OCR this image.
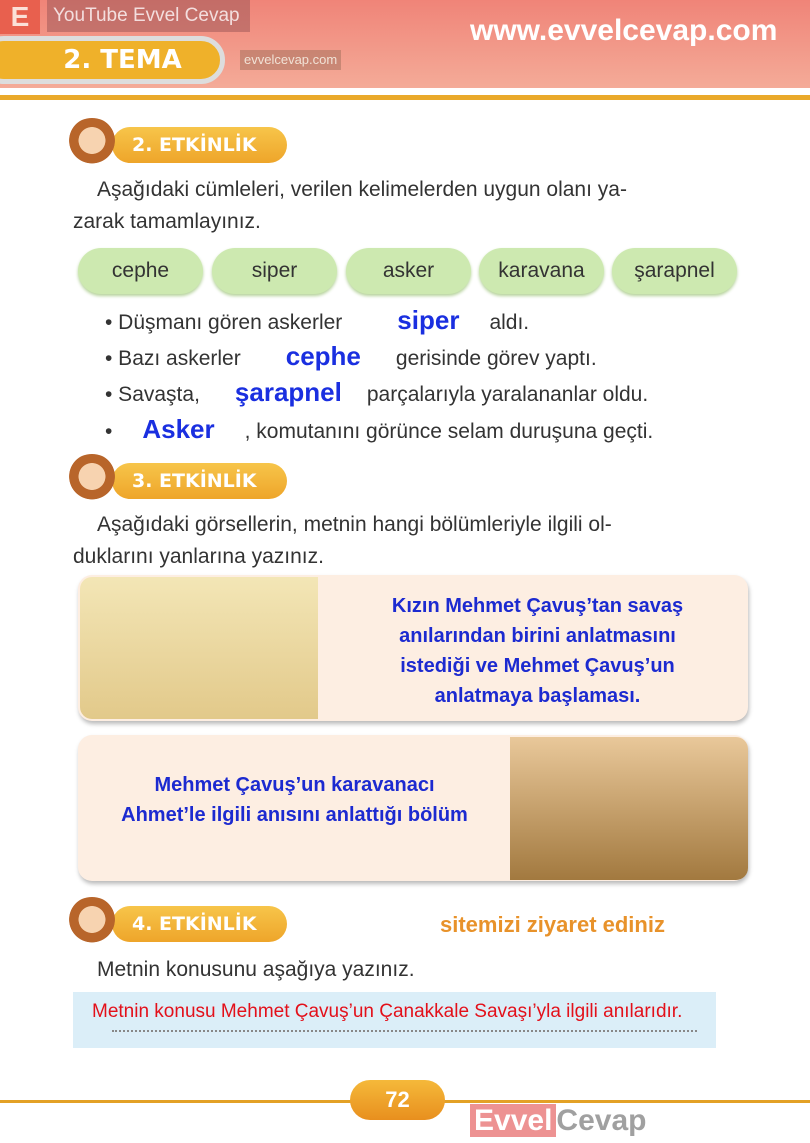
2. TEMA
E	YouTube Evvel Cevap
evvelcevap.com
www.evvelcevap.com
2. ETKİNLİK
Aşağıdaki cümleleri, verilen kelimelerden uygun olanı ya-
zarak tamamlayınız.
cephe	siper	asker	karavana	şarapnel
• Düşmanı gören askerler siper aldı.
• Bazı askerler cephe gerisinde görev yaptı.
• Savaşta, şarapnel parçalarıyla yaralananlar oldu.
• Asker , komutanını görünce selam duruşuna geçti.
3. ETKİNLİK
Aşağıdaki görsellerin, metnin hangi bölümleriyle ilgili ol-
duklarını yanlarına yazınız.
Kızın Mehmet Çavuş’tan savaş
anılarından birini anlatmasını
istediği ve Mehmet Çavuş’un
anlatmaya başlaması.
Mehmet Çavuş’un karavanacı
Ahmet’le ilgili anısını anlattığı bölüm
4. ETKİNLİK	sitemizi ziyaret ediniz
Metnin konusunu aşağıya yazınız.
Metnin konusu Mehmet Çavuş’un Çanakkale Savaşı’yla ilgili anılarıdır.
72
Evvel Cevap
